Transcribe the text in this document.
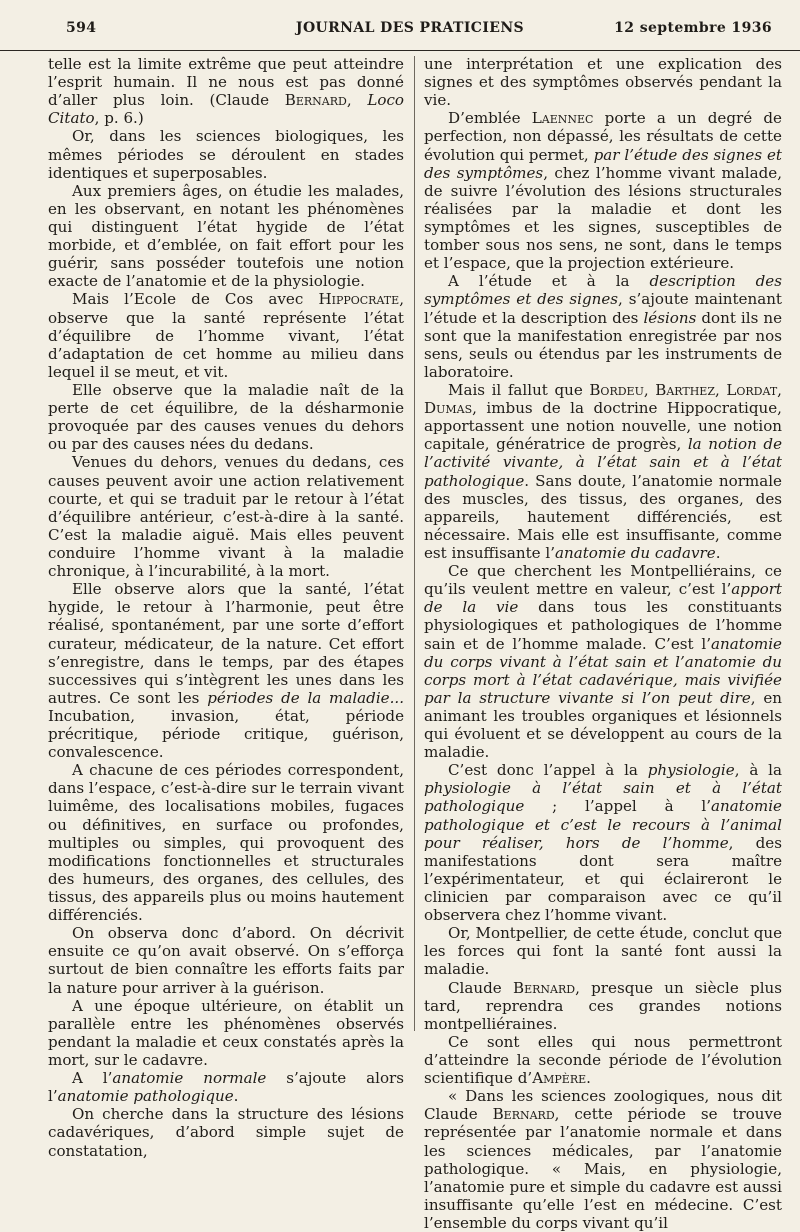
594	JOURNAL DES PRATICIENS	12 septembre 1936

telle est la limite extrême que peut atteindre l’esprit humain. Il ne nous est pas donné d’aller plus loin. (Claude Bernard, Loco Citato, p. 6.)

Or, dans les sciences biologiques, les mêmes périodes se déroulent en stades identiques et superposables.

Aux premiers âges, on étudie les malades, en les observant, en notant les phénomènes qui distinguent l’état hygide de l’état morbide, et d’emblée, on fait effort pour les guérir, sans posséder toutefois une notion exacte de l’anatomie et de la physiologie.

Mais l’Ecole de Cos avec Hippocrate, observe que la santé représente l’état d’équilibre de l’homme vivant, l’état d’adaptation de cet homme au milieu dans lequel il se meut, et vit.

Elle observe que la maladie naît de la perte de cet équilibre, de la désharmonie provoquée par des causes venues du dehors ou par des causes nées du dedans.

Venues du dehors, venues du dedans, ces causes peuvent avoir une action relativement courte, et qui se traduit par le retour à l’état d’équilibre antérieur, c’est-à-dire à la santé. C’est la maladie aiguë. Mais elles peuvent conduire l’homme vivant à la maladie chronique, à l’incurabilité, à la mort.

Elle observe alors que la santé, l’état hygide, le retour à l’harmonie, peut être réalisé, spontanément, par une sorte d’effort curateur, médicateur, de la nature. Cet effort s’enregistre, dans le temps, par des étapes successives qui s’intègrent les unes dans les autres. Ce sont les périodes de la maladie... Incubation, invasion, état, période précritique, période critique, guérison, convalescence.

A chacune de ces périodes correspondent, dans l’espace, c’est-à-dire sur le terrain vivant luimême, des localisations mobiles, fugaces ou définitives, en surface ou profondes, multiples ou simples, qui provoquent des modifications fonctionnelles et structurales des humeurs, des organes, des cellules, des tissus, des appareils plus ou moins hautement différenciés.

On observa donc d’abord. On décrivit ensuite ce qu’on avait observé. On s’efforça surtout de bien connaître les efforts faits par la nature pour arriver à la guérison.

A une époque ultérieure, on établit un parallèle entre les phénomènes observés pendant la maladie et ceux constatés après la mort, sur le cadavre.

A l’anatomie normale s’ajoute alors l’anatomie pathologique.

On cherche dans la structure des lésions cadavériques, d’abord simple sujet de constatation,

une interprétation et une explication des signes et des symptômes observés pendant la vie.

D’emblée Laennec porte a un degré de perfection, non dépassé, les résultats de cette évolution qui permet, par l’étude des signes et des symptômes, chez l’homme vivant malade, de suivre l’évolution des lésions structurales réalisées par la maladie et dont les symptômes et les signes, susceptibles de tomber sous nos sens, ne sont, dans le temps et l’espace, que la projection extérieure.

A l’étude et à la description des symptômes et des signes, s’ajoute maintenant l’étude et la description des lésions dont ils ne sont que la manifestation enregistrée par nos sens, seuls ou étendus par les instruments de laboratoire.

Mais il fallut que Bordeu, Barthez, Lordat, Dumas, imbus de la doctrine Hippocratique, apportassent une notion nouvelle, une notion capitale, génératrice de progrès, la notion de l’activité vivante, à l’état sain et à l’état pathologique. Sans doute, l’anatomie normale des muscles, des tissus, des organes, des appareils, hautement différenciés, est nécessaire. Mais elle est insuffisante, comme est insuffisante l’anatomie du cadavre.

Ce que cherchent les Montpelliérains, ce qu’ils veulent mettre en valeur, c’est l’apport de la vie dans tous les constituants physiologiques et pathologiques de l’homme sain et de l’homme malade. C’est l’anatomie du corps vivant à l’état sain et l’anatomie du corps mort à l’état cadavérique, mais vivifiée par la structure vivante si l’on peut dire, en animant les troubles organiques et lésionnels qui évoluent et se développent au cours de la maladie.

C’est donc l’appel à la physiologie, à la physiologie à l’état sain et à l’état pathologique ; l’appel à l’anatomie pathologique et c’est le recours à l’animal pour réaliser, hors de l’homme, des manifestations dont sera maître l’expérimentateur, et qui éclaireront le clinicien par comparaison avec ce qu’il observera chez l’homme vivant.

Or, Montpellier, de cette étude, conclut que les forces qui font la santé font aussi la maladie.

Claude Bernard, presque un siècle plus tard, reprendra ces grandes notions montpelliéraines.

Ce sont elles qui nous permettront d’atteindre la seconde période de l’évolution scientifique d’Ampère.

« Dans les sciences zoologiques, nous dit Claude Bernard, cette période se trouve représentée par l’anatomie normale et dans les sciences médicales, par l’anatomie pathologique. « Mais, en physiologie, l’anatomie pure et simple du cadavre est aussi insuffisante qu’elle l’est en médecine. C’est l’ensemble du corps vivant qu’il
